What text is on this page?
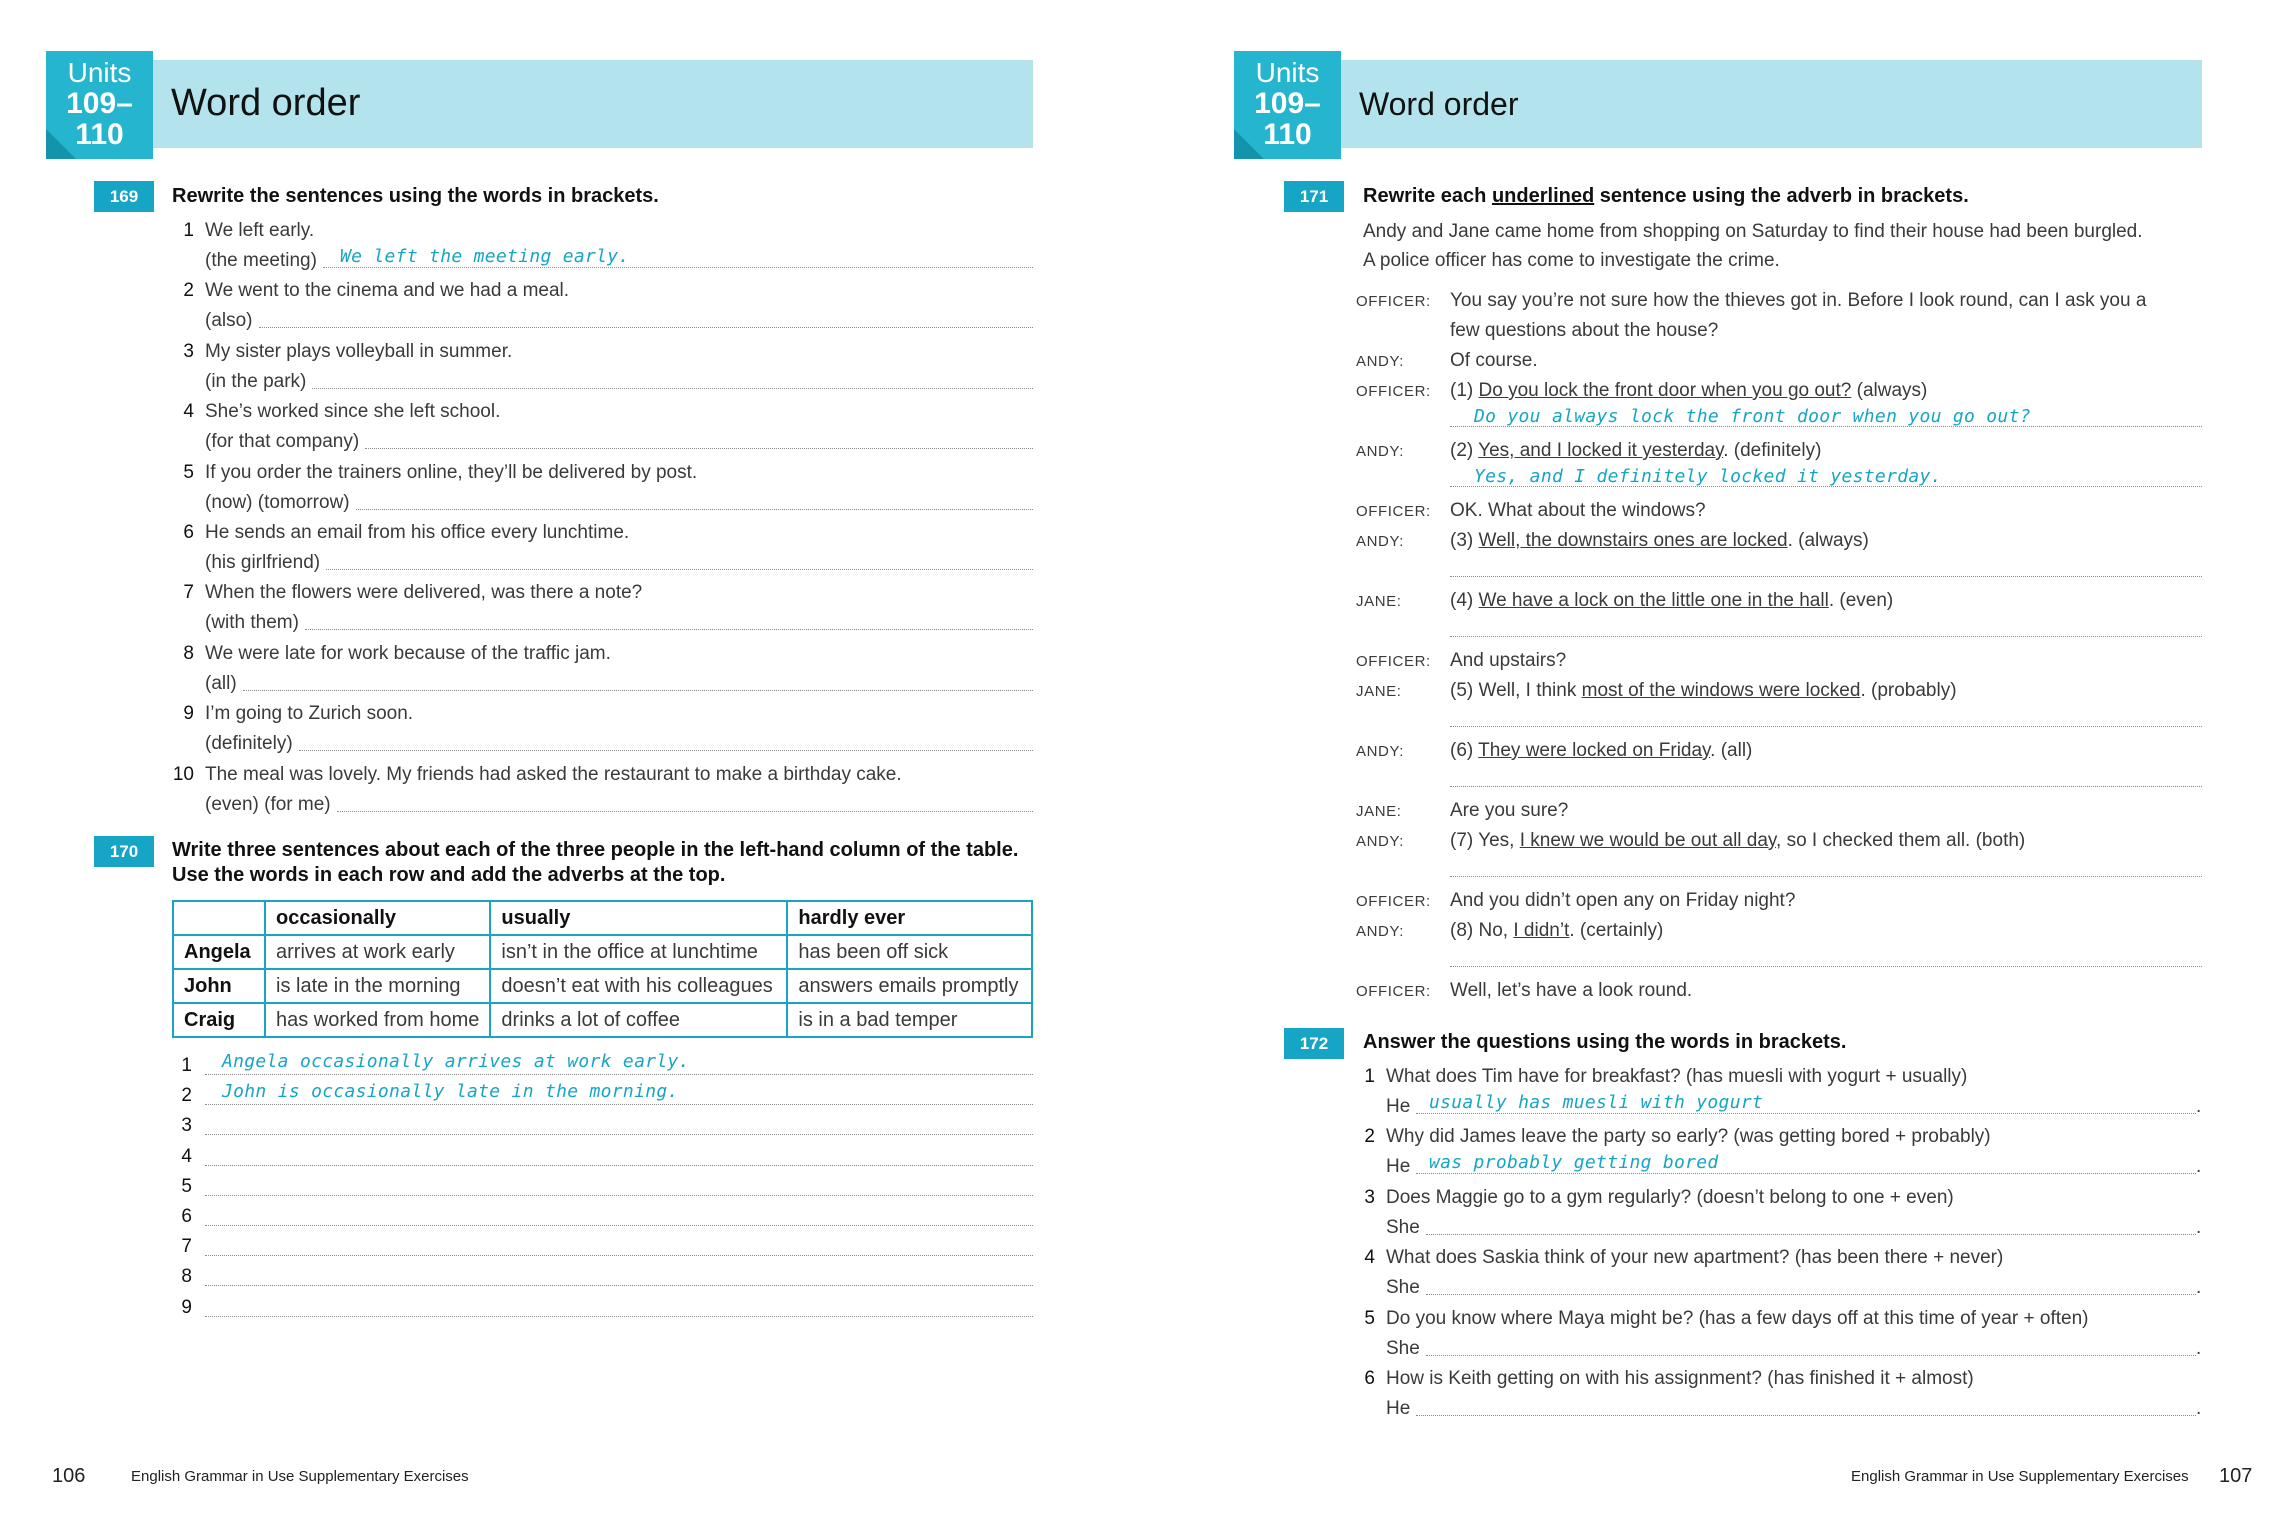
Units
109–
110
Word order
169	Rewrite the sentences using the words in brackets.
1 We left early.
(the meeting) We left the meeting early.
2 We went to the cinema and we had a meal.
(also)
3 My sister plays volleyball in summer.
(in the park)
4 She’s worked since she left school.
(for that company)
5 If you order the trainers online, they’ll be delivered by post.
(now) (tomorrow)
6 He sends an email from his office every lunchtime.
(his girlfriend)
7 When the flowers were delivered, was there a note?
(with them)
8 We were late for work because of the traffic jam.
(all)
9 I’m going to Zurich soon.
(definitely)
10 The meal was lovely. My friends had asked the restaurant to make a birthday cake.
(even) (for me)
170	Write three sentences about each of the three people in the left-hand column of the table.
Use the words in each row and add the adverbs at the top.
	occasionally	usually	hardly ever
Angela	arrives at work early	isn’t in the office at lunchtime	has been off sick
John	is late in the morning	doesn’t eat with his colleagues	answers emails promptly
Craig	has worked from home	drinks a lot of coffee	is in a bad temper
1 Angela occasionally arrives at work early.
2 John is occasionally late in the morning.
3
4
5
6
7
8
9
106	English Grammar in Use Supplementary Exercises
Units
109–
110
Word order
171	Rewrite each underlined sentence using the adverb in brackets.
Andy and Jane came home from shopping on Saturday to find their house had been burgled.
A police officer has come to investigate the crime.
OFFICER: You say you’re not sure how the thieves got in. Before I look round, can I ask you a
few questions about the house?
ANDY: Of course.
OFFICER: (1) Do you lock the front door when you go out? (always)
Do you always lock the front door when you go out?
ANDY: (2) Yes, and I locked it yesterday. (definitely)
Yes, and I definitely locked it yesterday.
OFFICER: OK. What about the windows?
ANDY: (3) Well, the downstairs ones are locked. (always)
JANE:	(4) We have a lock on the little one in the hall. (even)
OFFICER: And upstairs?
JANE:	(5) Well, I think most of the windows were locked. (probably)
ANDY: (6) They were locked on Friday. (all)
JANE:	Are you sure?
ANDY: (7) Yes, I knew we would be out all day, so I checked them all. (both)
OFFICER: And you didn’t open any on Friday night?
ANDY: (8) No, I didn’t. (certainly)
OFFICER: Well, let’s have a look round.
172	Answer the questions using the words in brackets.
1 What does Tim have for breakfast? (has muesli with yogurt + usually)
He	.
usually has muesli with yogurt
2 Why did James leave the party so early? (was getting bored + probably)
He	.
was probably getting bored
3 Does Maggie go to a gym regularly? (doesn’t belong to one + even)
She	.
4 What does Saskia think of your new apartment? (has been there + never)
She	.
5 Do you know where Maya might be? (has a few days off at this time of year + often)
She	.
6 How is Keith getting on with his assignment? (has finished it + almost)
He	.
English Grammar in Use Supplementary Exercises 107
